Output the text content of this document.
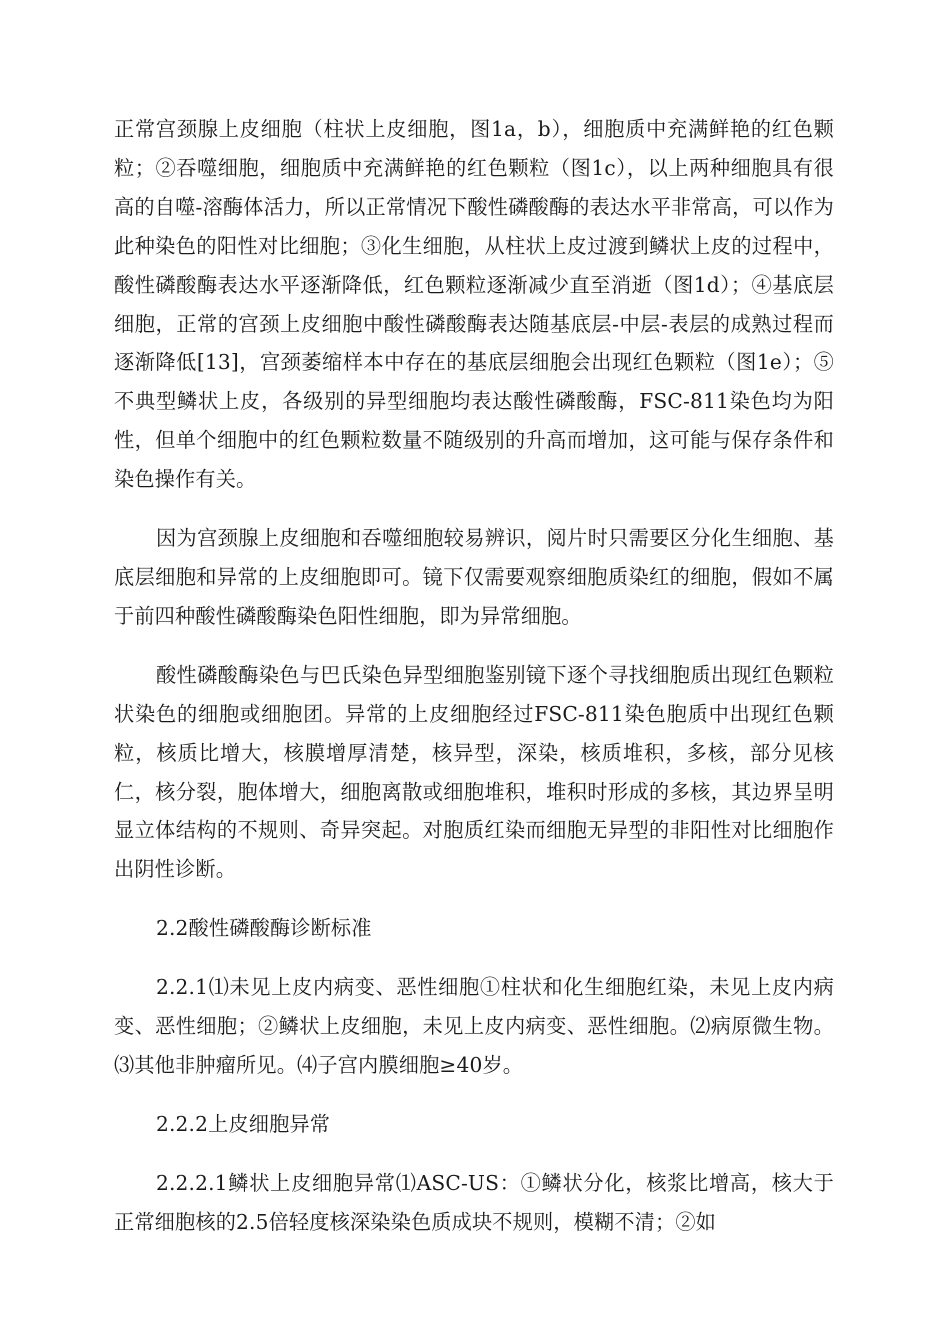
正常宫颈腺上皮细胞（柱状上皮细胞，图1a，b），细胞质中充满鲜艳的红色颗粒；②吞噬细胞，细胞质中充满鲜艳的红色颗粒（图1c），以上两种细胞具有很高的自噬-溶酶体活力，所以正常情况下酸性磷酸酶的表达水平非常高，可以作为此种染色的阳性对比细胞；③化生细胞，从柱状上皮过渡到鳞状上皮的过程中，酸性磷酸酶表达水平逐渐降低，红色颗粒逐渐减少直至消逝（图1d）；④基底层细胞，正常的宫颈上皮细胞中酸性磷酸酶表达随基底层-中层-表层的成熟过程而逐渐降低[13]，宫颈萎缩样本中存在的基底层细胞会出现红色颗粒（图1e）；⑤不典型鳞状上皮，各级别的异型细胞均表达酸性磷酸酶，FSC-811染色均为阳性，但单个细胞中的红色颗粒数量不随级别的升高而增加，这可能与保存条件和染色操作有关。

因为宫颈腺上皮细胞和吞噬细胞较易辨识，阅片时只需要区分化生细胞、基底层细胞和异常的上皮细胞即可。镜下仅需要观察细胞质染红的细胞，假如不属于前四种酸性磷酸酶染色阳性细胞，即为异常细胞。

酸性磷酸酶染色与巴氏染色异型细胞鉴别镜下逐个寻找细胞质出现红色颗粒状染色的细胞或细胞团。异常的上皮细胞经过FSC-811染色胞质中出现红色颗粒，核质比增大，核膜增厚清楚，核异型，深染，核质堆积，多核，部分见核仁，核分裂，胞体增大，细胞离散或细胞堆积，堆积时形成的多核，其边界呈明显立体结构的不规则、奇异突起。对胞质红染而细胞无异型的非阳性对比细胞作出阴性诊断。

2.2酸性磷酸酶诊断标准

2.2.1⑴未见上皮内病变、恶性细胞①柱状和化生细胞红染，未见上皮内病变、恶性细胞；②鳞状上皮细胞，未见上皮内病变、恶性细胞。⑵病原微生物。⑶其他非肿瘤所见。⑷子宫内膜细胞≥40岁。

2.2.2上皮细胞异常

2.2.2.1鳞状上皮细胞异常⑴ASC-US：①鳞状分化，核浆比增高，核大于正常细胞核的2.5倍轻度核深染染色质成块不规则，模糊不清；②如
